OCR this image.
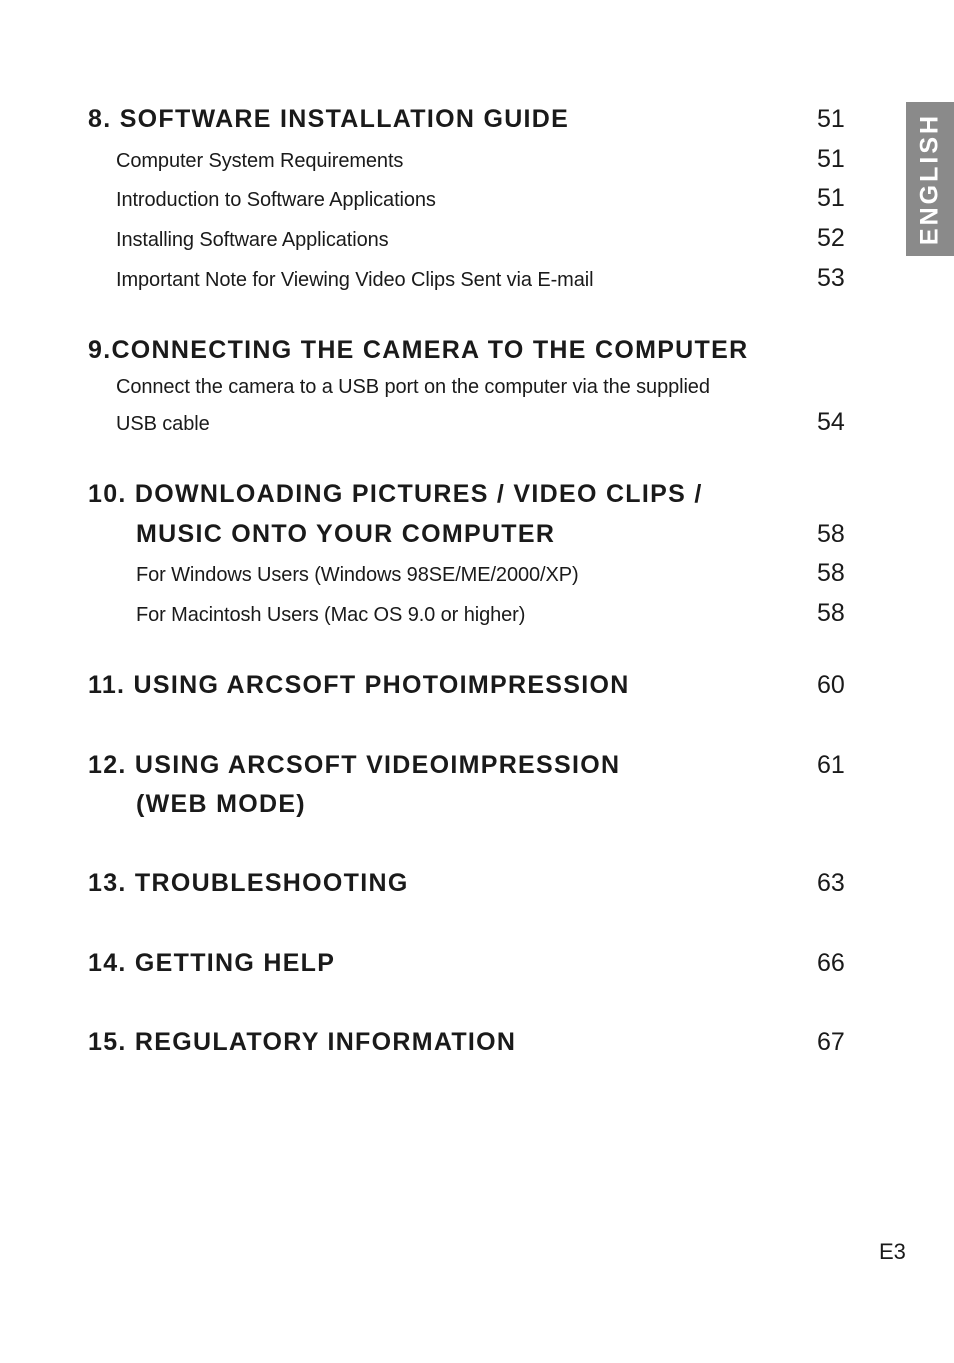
ENGLISH
8. SOFTWARE INSTALLATION GUIDE	51
Computer System Requirements	51
Introduction to Software Applications	51
Installing Software Applications	52
Important Note for Viewing Video Clips Sent via E-mail	53
9.CONNECTING THE CAMERA TO THE COMPUTER
Connect the camera to a USB port on the computer via the supplied
USB cable	54
10. DOWNLOADING PICTURES / VIDEO CLIPS /
MUSIC ONTO YOUR COMPUTER	58
For Windows Users (Windows 98SE/ME/2000/XP)	58
For Macintosh Users (Mac OS 9.0 or higher)	58
11. USING ARCSOFT PHOTOIMPRESSION	60
12. USING ARCSOFT VIDEOIMPRESSION	61
(WEB MODE)
13. TROUBLESHOOTING	63
14. GETTING HELP	66
15. REGULATORY INFORMATION	67
E3
